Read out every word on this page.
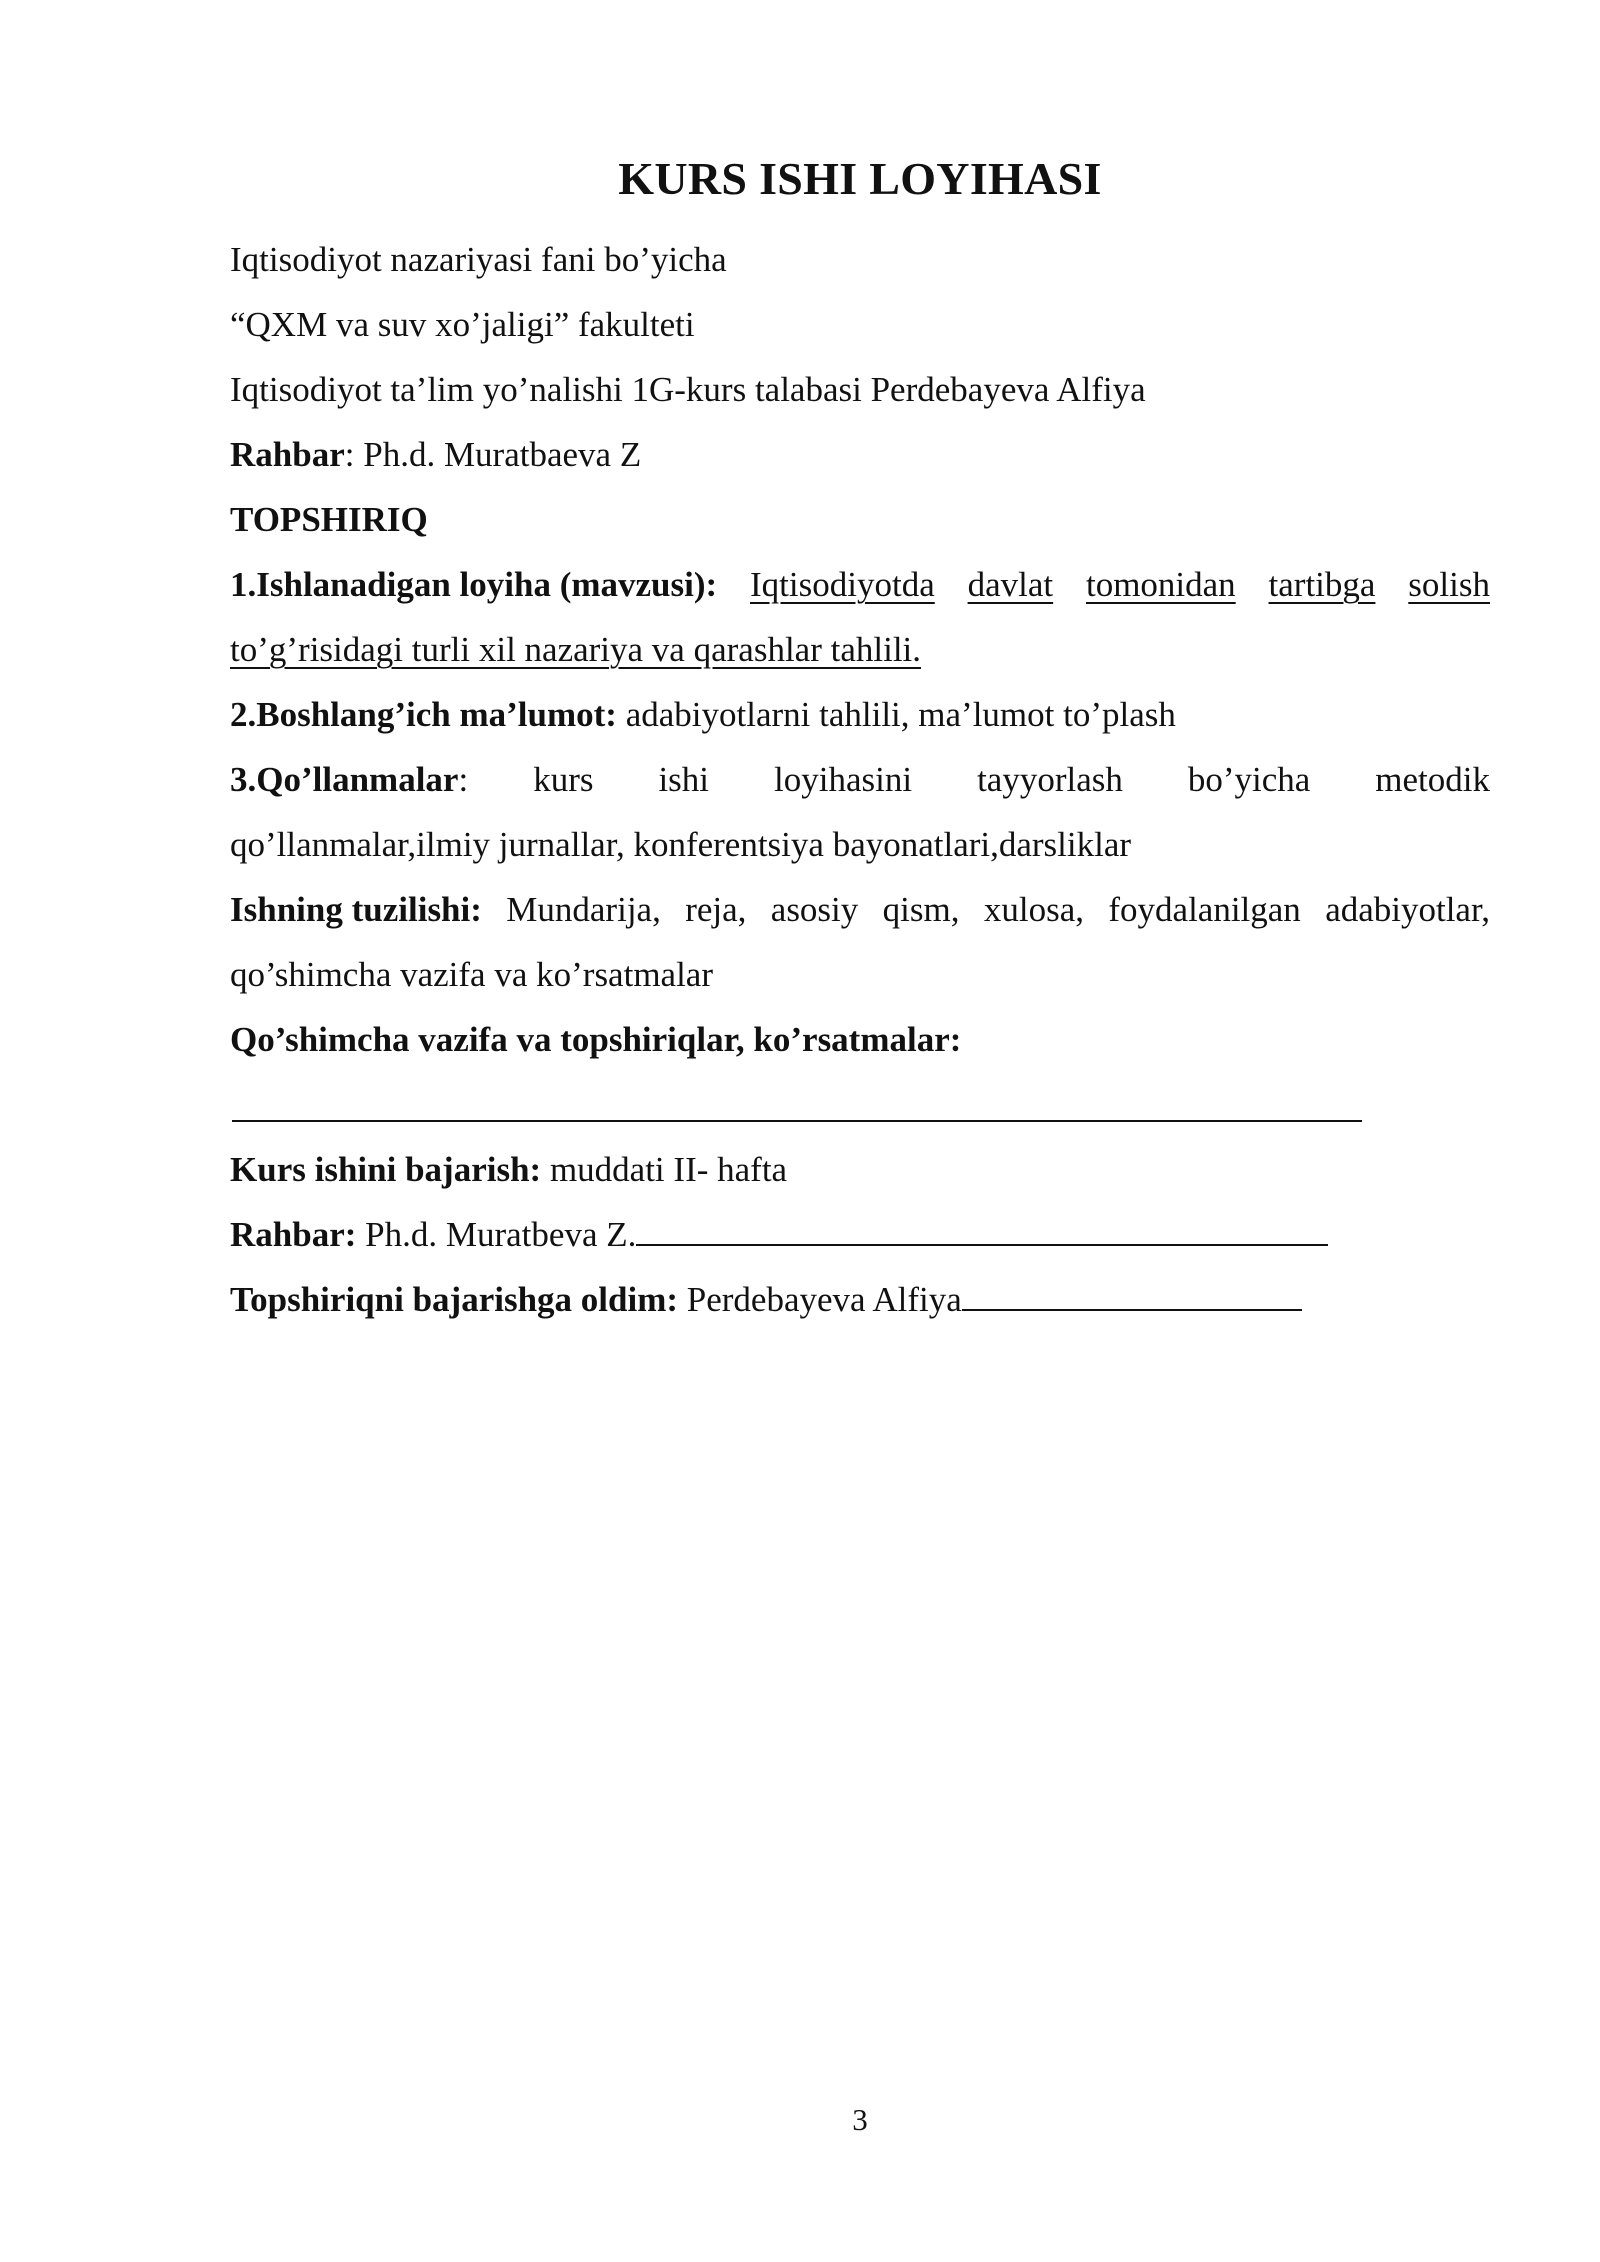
KURS ISHI LOYIHASI
Iqtisodiyot nazariyasi fani bo’yicha
“QXM va suv xo’jaligi” fakulteti
Iqtisodiyot ta’lim yo’nalishi 1G-kurs talabasi Perdebayeva Alfiya
Rahbar: Ph.d. Muratbaeva Z
TOPSHIRIQ
1.Ishlanadigan loyiha (mavzusi): Iqtisodiyotda davlat tomonidan tartibga solish
to’g’risidagi turli xil nazariya va qarashlar tahlili.
2.Boshlang’ich ma’lumot: adabiyotlarni tahlili, ma’lumot to’plash
3.Qo’llanmalar: kurs ishi loyihasini tayyorlash bo’yicha metodik
qo’llanmalar,ilmiy jurnallar, konferentsiya bayonatlari,darsliklar
Ishning tuzilishi: Mundarija, reja, asosiy qism, xulosa, foydalanilgan adabiyotlar,
qo’shimcha vazifa va ko’rsatmalar
Qo’shimcha vazifa va topshiriqlar, ko’rsatmalar:
Kurs ishini bajarish: muddati II- hafta
Rahbar: Ph.d. Muratbeva Z.
Topshiriqni bajarishga oldim: Perdebayeva Alfiya
3
